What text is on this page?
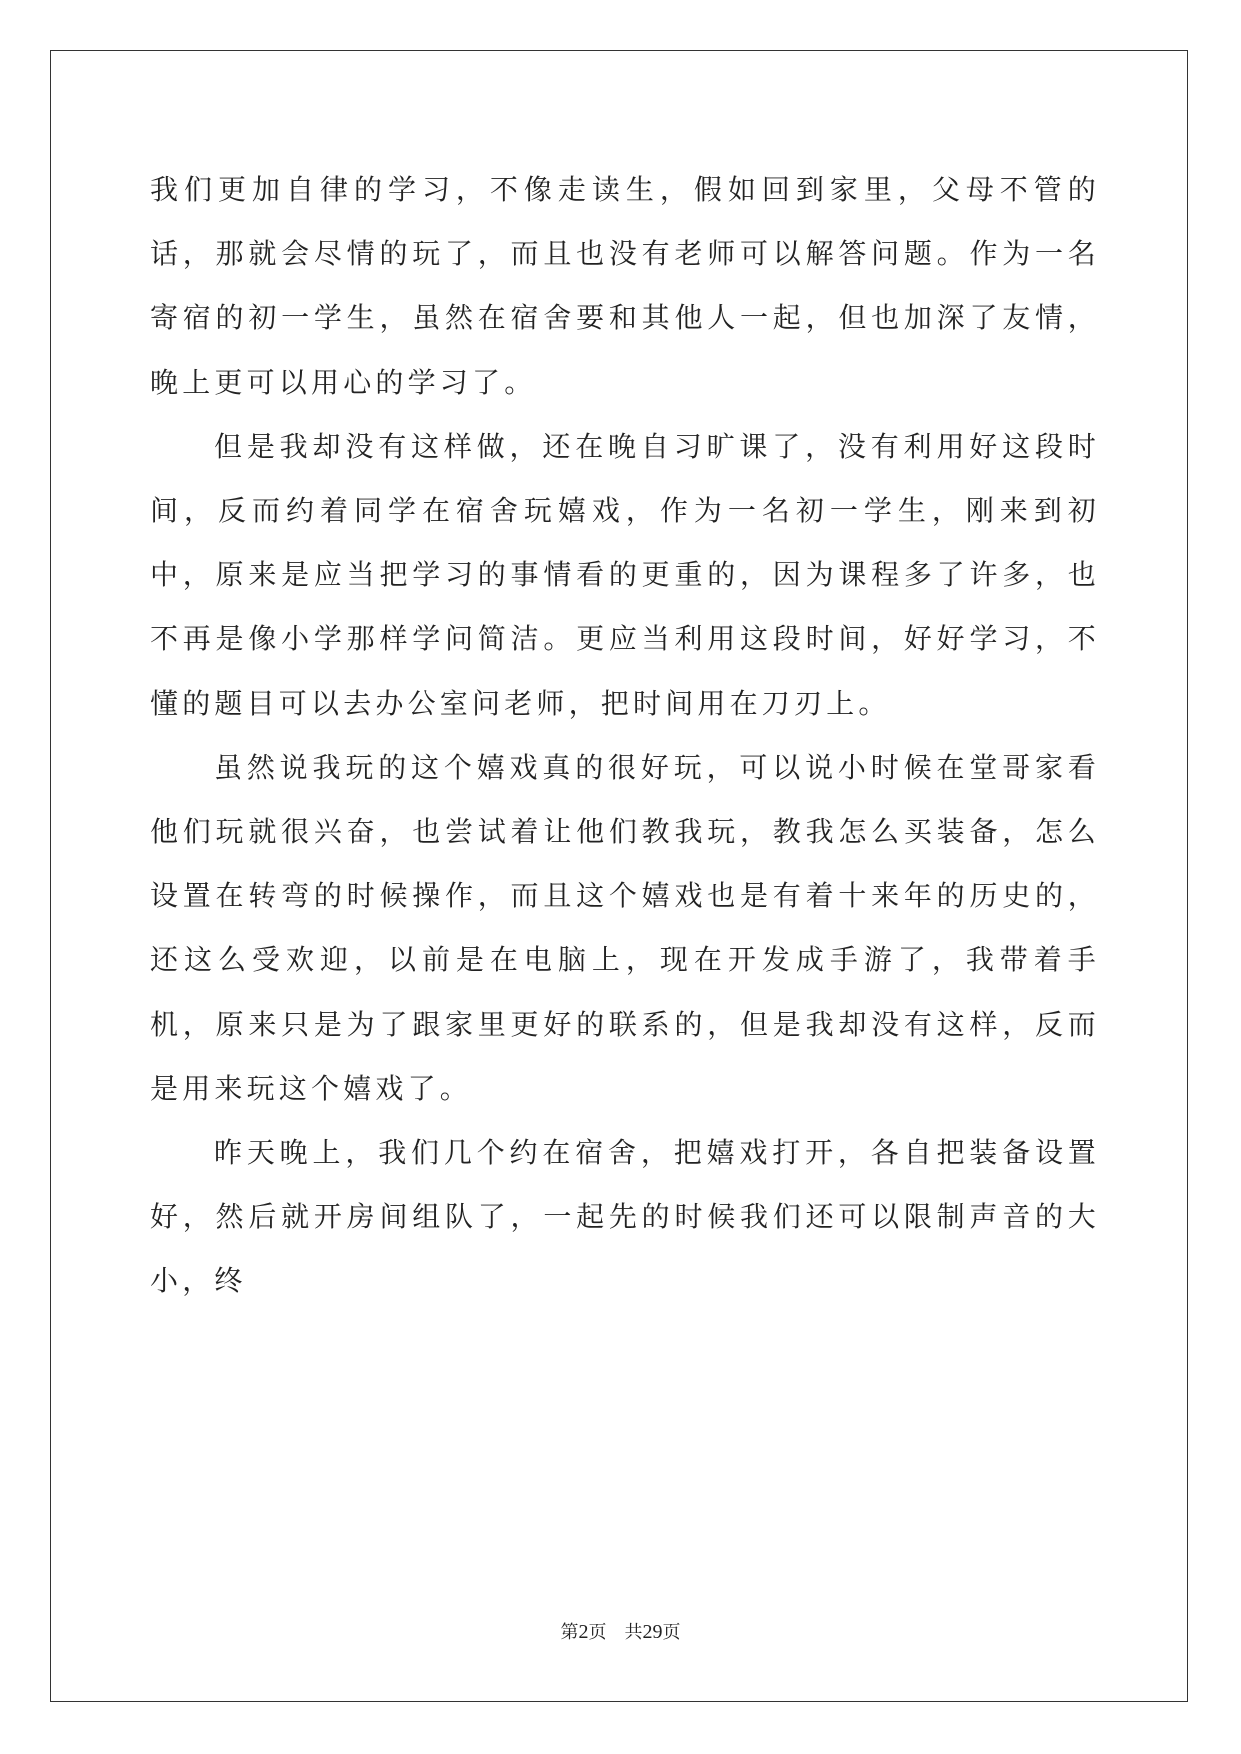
我们更加自律的学习，不像走读生，假如回到家里，父母不管的话，那就会尽情的玩了，而且也没有老师可以解答问题。作为一名寄宿的初一学生，虽然在宿舍要和其他人一起，但也加深了友情，晚上更可以用心的学习了。

但是我却没有这样做，还在晚自习旷课了，没有利用好这段时间，反而约着同学在宿舍玩嬉戏，作为一名初一学生，刚来到初中，原来是应当把学习的事情看的更重的，因为课程多了许多，也不再是像小学那样学问简洁。更应当利用这段时间，好好学习，不懂的题目可以去办公室问老师，把时间用在刀刃上。

虽然说我玩的这个嬉戏真的很好玩，可以说小时候在堂哥家看他们玩就很兴奋，也尝试着让他们教我玩，教我怎么买装备，怎么设置在转弯的时候操作，而且这个嬉戏也是有着十来年的历史的，还这么受欢迎，以前是在电脑上，现在开发成手游了，我带着手机，原来只是为了跟家里更好的联系的，但是我却没有这样，反而是用来玩这个嬉戏了。

昨天晚上，我们几个约在宿舍，把嬉戏打开，各自把装备设置好，然后就开房间组队了，一起先的时候我们还可以限制声音的大小，终

第2页 共29页
